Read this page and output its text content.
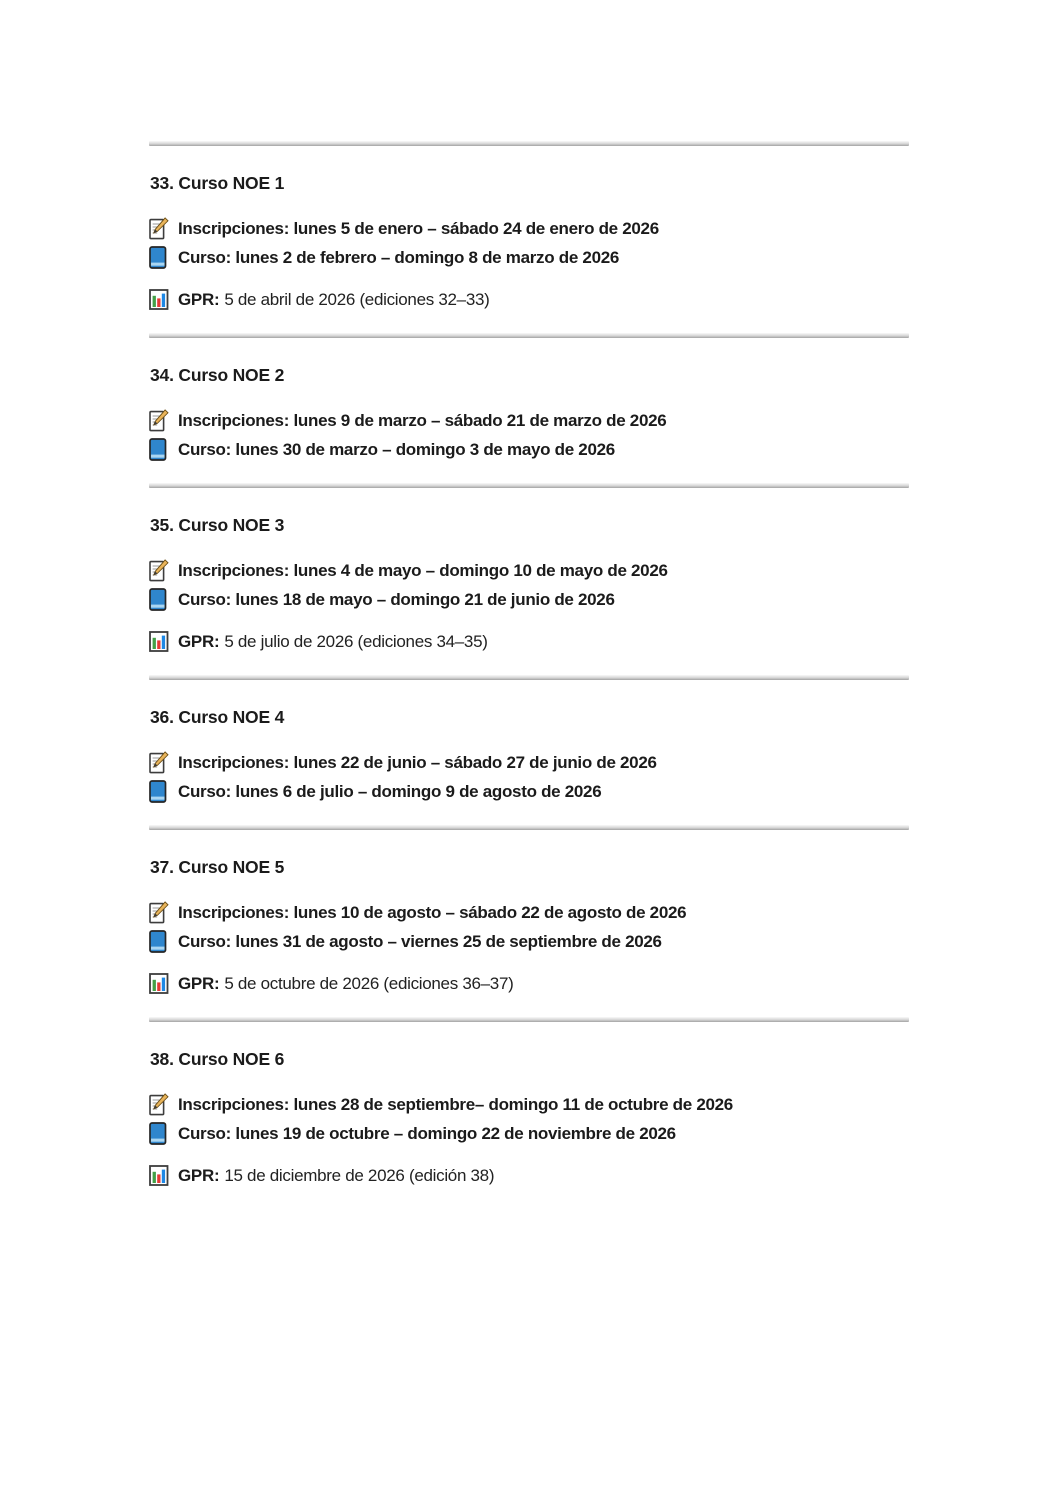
33. Curso NOE 1
Inscripciones: lunes 5 de enero – sábado 24 de enero de 2026
Curso: lunes 2 de febrero – domingo 8 de marzo de 2026
GPR: 5 de abril de 2026 (ediciones 32–33)
34. Curso NOE 2
Inscripciones: lunes 9 de marzo – sábado 21 de marzo de 2026
Curso: lunes 30 de marzo – domingo 3 de mayo de 2026
35. Curso NOE 3
Inscripciones: lunes 4 de mayo – domingo 10 de mayo de 2026
Curso: lunes 18 de mayo – domingo 21 de junio de 2026
GPR: 5 de julio de 2026 (ediciones 34–35)
36. Curso NOE 4
Inscripciones: lunes 22 de junio – sábado 27 de junio de 2026
Curso: lunes 6 de julio – domingo 9 de agosto de 2026
37. Curso NOE 5
Inscripciones: lunes 10 de agosto – sábado 22 de agosto de 2026
Curso: lunes 31 de agosto – viernes 25 de septiembre de 2026
GPR: 5 de octubre de 2026 (ediciones 36–37)
38. Curso NOE 6
Inscripciones: lunes 28 de septiembre– domingo 11 de octubre de 2026
Curso: lunes 19 de octubre – domingo 22 de noviembre de 2026
GPR: 15 de diciembre de 2026 (edición 38)
